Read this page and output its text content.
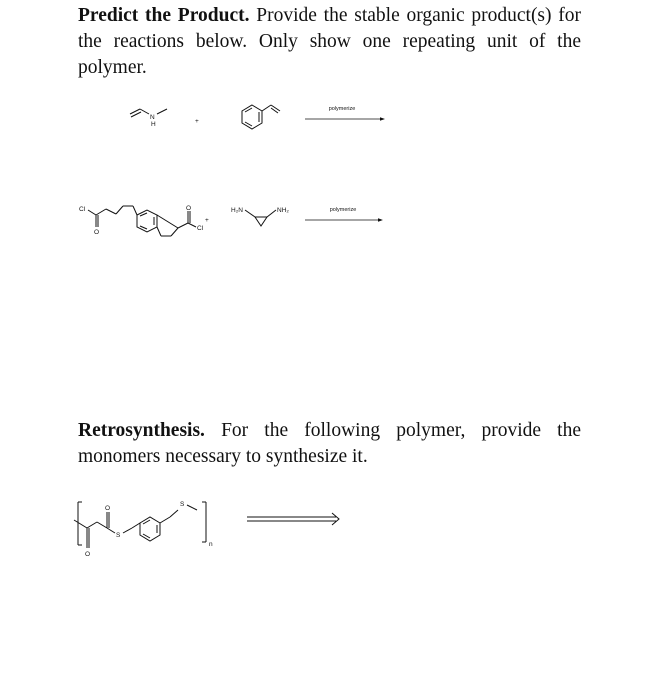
Predict the Product. Provide the stable organic product(s) for the reactions below. Only show one repeating unit of the polymer.
N
H	+
polymerize
Cl
O
Cl
O
+
H₂N	NH₂	polymerize
Retrosynthesis. For the following polymer, provide the monomers necessary to synthesize it.
O
O
S
S
n
